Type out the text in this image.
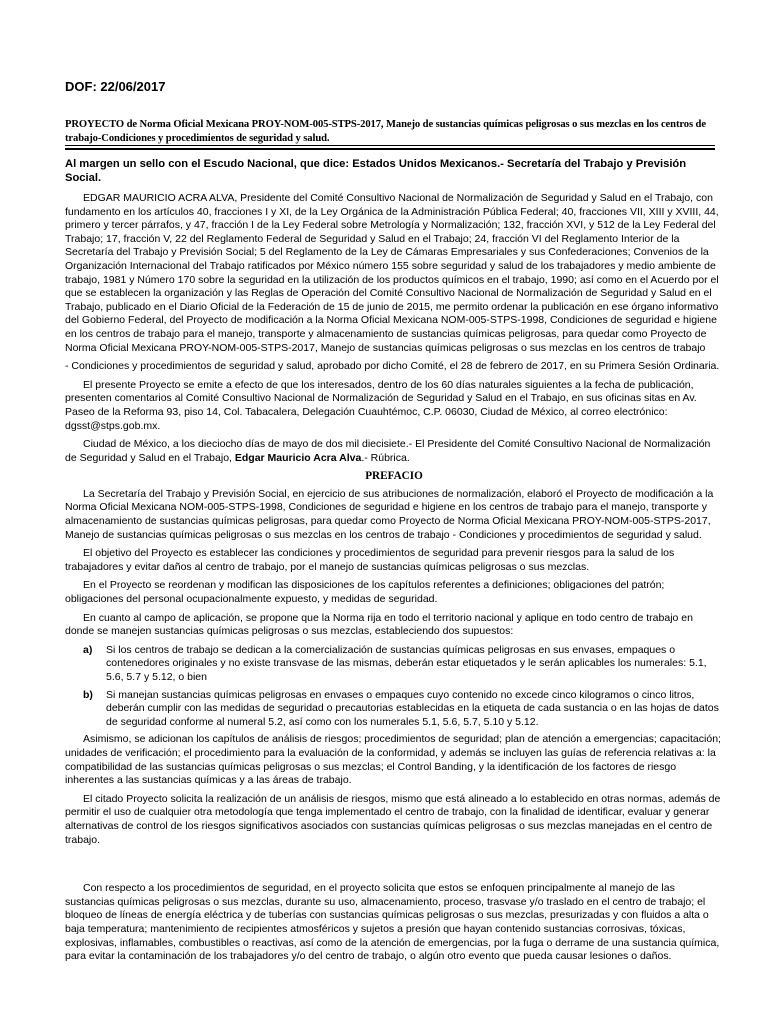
DOF: 22/06/2017
PROYECTO de Norma Oficial Mexicana PROY-NOM-005-STPS-2017, Manejo de sustancias químicas peligrosas o sus mezclas en los centros de trabajo-Condiciones y procedimientos de seguridad y salud.
Al margen un sello con el Escudo Nacional, que dice: Estados Unidos Mexicanos.- Secretaría del Trabajo y Previsión Social.

EDGAR MAURICIO ACRA ALVA, Presidente del Comité Consultivo Nacional de Normalización de Seguridad y Salud en el Trabajo, con fundamento en los artículos 40, fracciones I y XI, de la Ley Orgánica de la Administración Pública Federal; 40, fracciones VII, XIII y XVIII, 44, primero y tercer párrafos, y 47, fracción I de la Ley Federal sobre Metrología y Normalización; 132, fracción XVI, y 512 de la Ley Federal del Trabajo; 17, fracción V, 22 del Reglamento Federal de Seguridad y Salud en el Trabajo; 24, fracción VI del Reglamento Interior de la Secretaría del Trabajo y Previsión Social; 5 del Reglamento de la Ley de Cámaras Empresariales y sus Confederaciones; Convenios de la Organización Internacional del Trabajo ratificados por México número 155 sobre seguridad y salud de los trabajadores y medio ambiente de trabajo, 1981 y Número 170 sobre la seguridad en la utilización de los productos químicos en el trabajo, 1990; así como en el Acuerdo por el que se establecen la organización y las Reglas de Operación del Comité Consultivo Nacional de Normalización de Seguridad y Salud en el Trabajo, publicado en el Diario Oficial de la Federación de 15 de junio de 2015, me permito ordenar la publicación en ese órgano informativo del Gobierno Federal, del Proyecto de modificación a la Norma Oficial Mexicana NOM-005-STPS-1998, Condiciones de seguridad e higiene en los centros de trabajo para el manejo, transporte y almacenamiento de sustancias químicas peligrosas, para quedar como Proyecto de Norma Oficial Mexicana PROY-NOM-005-STPS-2017, Manejo de sustancias químicas peligrosas o sus mezclas en los centros de trabajo

- Condiciones y procedimientos de seguridad y salud, aprobado por dicho Comité, el 28 de febrero de 2017, en su Primera Sesión Ordinaria.

El presente Proyecto se emite a efecto de que los interesados, dentro de los 60 días naturales siguientes a la fecha de publicación, presenten comentarios al Comité Consultivo Nacional de Normalización de Seguridad y Salud en el Trabajo, en sus oficinas sitas en Av. Paseo de la Reforma 93, piso 14, Col. Tabacalera, Delegación Cuauhtémoc, C.P. 06030, Ciudad de México, al correo electrónico: dgsst@stps.gob.mx.

Ciudad de México, a los dieciocho días de mayo de dos mil diecisiete.- El Presidente del Comité Consultivo Nacional de Normalización de Seguridad y Salud en el Trabajo, Edgar Mauricio Acra Alva.- Rúbrica.

PREFACIO

La Secretaría del Trabajo y Previsión Social, en ejercicio de sus atribuciones de normalización, elaboró el Proyecto de modificación a la Norma Oficial Mexicana NOM-005-STPS-1998, Condiciones de seguridad e higiene en los centros de trabajo para el manejo, transporte y almacenamiento de sustancias químicas peligrosas, para quedar como Proyecto de Norma Oficial Mexicana PROY-NOM-005-STPS-2017, Manejo de sustancias químicas peligrosas o sus mezclas en los centros de trabajo - Condiciones y procedimientos de seguridad y salud.

El objetivo del Proyecto es establecer las condiciones y procedimientos de seguridad para prevenir riesgos para la salud de los trabajadores y evitar daños al centro de trabajo, por el manejo de sustancias químicas peligrosas o sus mezclas.

En el Proyecto se reordenan y modifican las disposiciones de los capítulos referentes a definiciones; obligaciones del patrón; obligaciones del personal ocupacionalmente expuesto, y medidas de seguridad.

En cuanto al campo de aplicación, se propone que la Norma rija en todo el territorio nacional y aplique en todo centro de trabajo en donde se manejen sustancias químicas peligrosas o sus mezclas, estableciendo dos supuestos:

a)	Si los centros de trabajo se dedican a la comercialización de sustancias químicas peligrosas en sus envases, empaques o contenedores originales y no existe transvase de las mismas, deberán estar etiquetados y le serán aplicables los numerales: 5.1, 5.6, 5.7 y 5.12, o bien
b)	Si manejan sustancias químicas peligrosas en envases o empaques cuyo contenido no excede cinco kilogramos o cinco litros, deberán cumplir con las medidas de seguridad o precautorias establecidas en la etiqueta de cada sustancia o en las hojas de datos de seguridad conforme al numeral 5.2, así como con los numerales 5.1, 5.6, 5.7, 5.10 y 5.12.

Asimismo, se adicionan los capítulos de análisis de riesgos; procedimientos de seguridad; plan de atención a emergencias; capacitación; unidades de verificación; el procedimiento para la evaluación de la conformidad, y además se incluyen las guías de referencia relativas a: la compatibilidad de las sustancias químicas peligrosas o sus mezclas; el Control Banding, y la identificación de los factores de riesgo inherentes a las sustancias químicas y a las áreas de trabajo.

El citado Proyecto solicita la realización de un análisis de riesgos, mismo que está alineado a lo establecido en otras normas, además de permitir el uso de cualquier otra metodología que tenga implementado el centro de trabajo, con la finalidad de identificar, evaluar y generar alternativas de control de los riesgos significativos asociados con sustancias químicas peligrosas o sus mezclas manejadas en el centro de trabajo.

Con respecto a los procedimientos de seguridad, en el proyecto solicita que estos se enfoquen principalmente al manejo de las sustancias químicas peligrosas o sus mezclas, durante su uso, almacenamiento, proceso, trasvase y/o traslado en el centro de trabajo; el bloqueo de líneas de energía eléctrica y de tuberías con sustancias químicas peligrosas o sus mezclas, presurizadas y con fluidos a alta o baja temperatura; mantenimiento de recipientes atmosféricos y sujetos a presión que hayan contenido sustancias corrosivas, tóxicas, explosivas, inflamables, combustibles o reactivas, así como de la atención de emergencias, por la fuga o derrame de una sustancia química, para evitar la contaminación de los trabajadores y/o del centro de trabajo, o algún otro evento que pueda causar lesiones o daños.
